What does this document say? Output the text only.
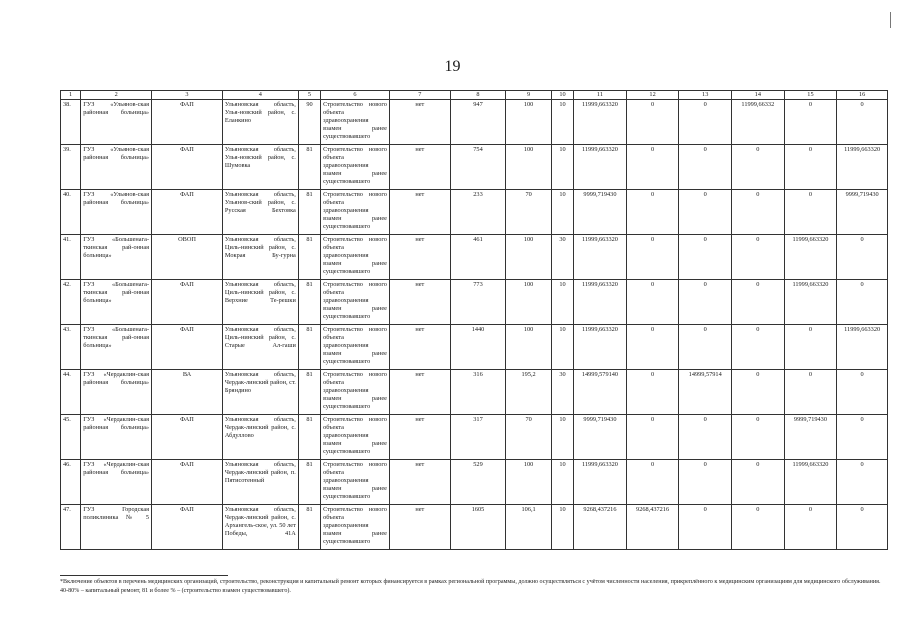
19
1	2	3	4	5	6	7	8	9	10	11	12	13	14	15	16
38.	ГУЗ «Ульянов-ская районная больница»	ФАП	Ульяновская область, Улья-новский район, с. Еланкино	90	Строительство нового объекта здравоохранения взамен ранее существовавшего	нет	947	100	10	11999,663320	0	0	11999,66332	0	0
39.	ГУЗ «Ульянов-ская районная больница»	ФАП	Ульяновская область, Улья-новский район, с. Шумовка	81	Строительство нового объекта здравоохранения взамен ранее существовавшего	нет	754	100	10	11999,663320	0	0	0	0	11999,663320
40.	ГУЗ «Ульянов-ская районная больница»	ФАП	Ульяновская область, Ульянов-ский район, с. Русская Бехтовка	81	Строительство нового объекта здравоохранения взамен ранее существовавшего	нет	233	70	10	9999,719430	0	0	0	0	9999,719430
41.	ГУЗ «Большенага-ткинская рай-онная больница»	ОВОП	Ульяновская область, Циль-нинский район, с. Мокрая Бу-гурна	81	Строительство нового объекта здравоохранения взамен ранее существовавшего	нет	461	100	30	11999,663320	0	0	0	11999,663320	0
42.	ГУЗ «Большенага-ткинская рай-онная больница»	ФАП	Ульяновская область, Циль-нинский район, с. Верхние Те-решки	81	Строительство нового объекта здравоохранения взамен ранее существовавшего	нет	773	100	10	11999,663320	0	0	0	11999,663320	0
43.	ГУЗ «Большенага-ткинская рай-онная больница»	ФАП	Ульяновская область, Циль-нинский район, с. Старые Ал-гаши	81	Строительство нового объекта здравоохранения взамен ранее существовавшего	нет	1440	100	10	11999,663320	0	0	0	0	11999,663320
44.	ГУЗ «Чердаклин-ская районная больница»	ВА	Ульяновская область, Чердак-линский район, ст. Бряндино	81	Строительство нового объекта здравоохранения взамен ранее существовавшего	нет	316	195,2	30	14999,579140	0	14999,57914	0	0	0
45.	ГУЗ «Чердаклин-ская районная больница»	ФАП	Ульяновская область, Чердак-линский район, с. Абдуллово	81	Строительство нового объекта здравоохранения взамен ранее существовавшего	нет	317	70	10	9999,719430	0	0	0	9999,719430	0
46.	ГУЗ «Чердаклин-ская районная больница»	ФАП	Ульяновская область, Чердак-линский район, п. Пятисотенный	81	Строительство нового объекта здравоохранения взамен ранее существовавшего	нет	529	100	10	11999,663320	0	0	0	11999,663320	0
47.	ГУЗ Городская поликлиника № 5	ФАП	Ульяновская область, Чердак-линский район, с. Архангель-ское, ул. 50 лет Победы, 41А	81	Строительство нового объекта здравоохранения взамен ранее существовавшего	нет	1605	106,1	10	9268,437216	9268,437216	0	0	0	0

*Включение объектов в перечень медицинских организаций, строительство, реконструкция и капитальный ремонт которых финансируется в рамках региональной программы, должно осуществляться с учётом численности населения, прикреплённого к медицинским организациям для медицинского обслуживания.

40-80% – капитальный ремонт, 81 и более % – (строительство взамен существовавшего).
